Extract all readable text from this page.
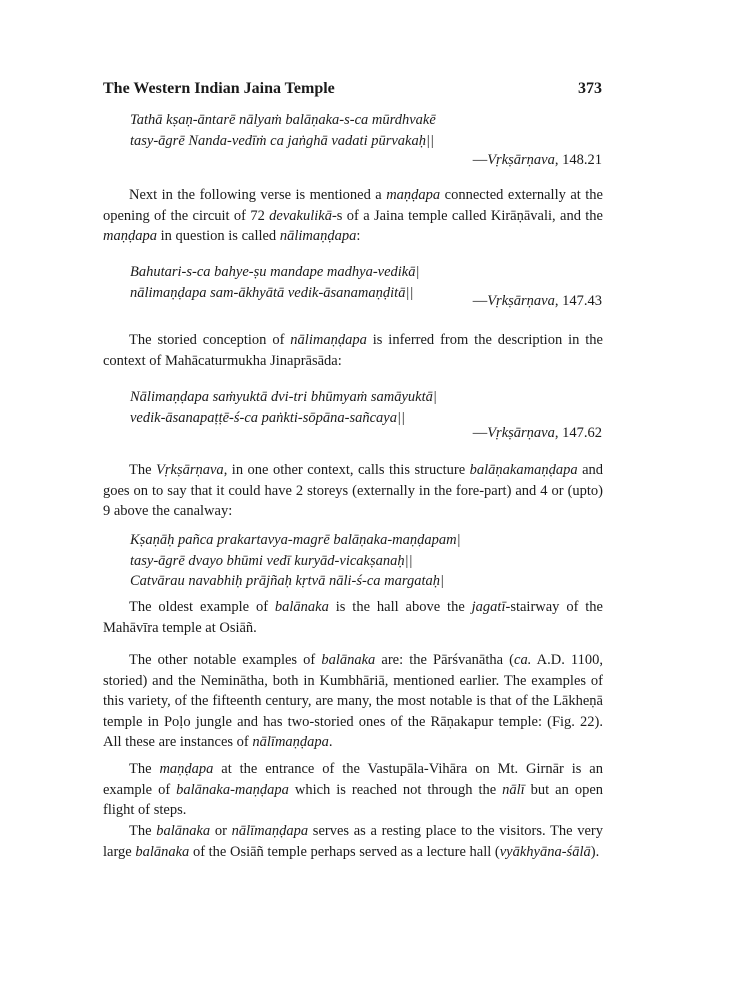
The Western Indian Jaina Temple	373
Tathā kṣaṇ-āntarē nālyaṁ balāṇaka-s-ca mūrdhvakē
tasy-āgrē Nanda-vedīṁ ca jaṅghā vadati pūrvakaḥ||

—Vṛkṣārṇava, 148.21

Next in the following verse is mentioned a maṇḍapa connected externally at the opening of the circuit of 72 devakulikā-s of a Jaina temple called Kirāṇāvali, and the maṇḍapa in question is called nālimaṇḍapa:

Bahutari-s-ca bahye-ṣu mandape madhya-vedikā|
nālimaṇḍapa sam-ākhyātā vedik-āsanamaṇḍitā||

—Vṛkṣārṇava, 147.43

The storied conception of nālimaṇḍapa is inferred from the description in the context of Mahācaturmukha Jinaprāsāda:

Nālimaṇḍapa saṁyuktā dvi-tri bhūmyaṁ samāyuktā|
vedik-āsanapaṭṭē-ś-ca paṅkti-sōpāna-sañcaya||

—Vṛkṣārṇava, 147.62

The Vṛkṣārṇava, in one other context, calls this structure balāṇakamaṇḍapa and goes on to say that it could have 2 storeys (externally in the fore-part) and 4 or (upto) 9 above the canalway:

Kṣaṇāḥ pañca prakartavya-magrē balāṇaka-maṇḍapam|
tasy-āgrē dvayo bhūmi vedī kuryād-vicakṣanaḥ||
Catvārau navabhiḥ prājñaḥ kṛtvā nāli-ś-ca margataḥ|

The oldest example of balānaka is the hall above the jagatī-stairway of the Mahāvīra temple at Osiāñ.

The other notable examples of balānaka are: the Pārśvanātha (ca. A.D. 1100, storied) and the Neminātha, both in Kumbhāriā, mentioned earlier. The examples of this variety, of the fifteenth century, are many, the most notable is that of the Lākheṇā temple in Poḷo jungle and has two-storied ones of the Rāṇakapur temple: (Fig. 22). All these are instances of nālīmaṇḍapa.

The maṇḍapa at the entrance of the Vastupāla-Vihāra on Mt. Girnār is an example of balānaka-maṇḍapa which is reached not through the nālī but an open flight of steps.

The balānaka or nālīmaṇḍapa serves as a resting place to the visitors. The very large balānaka of the Osiāñ temple perhaps served as a lecture hall (vyākhyāna-śālā).
